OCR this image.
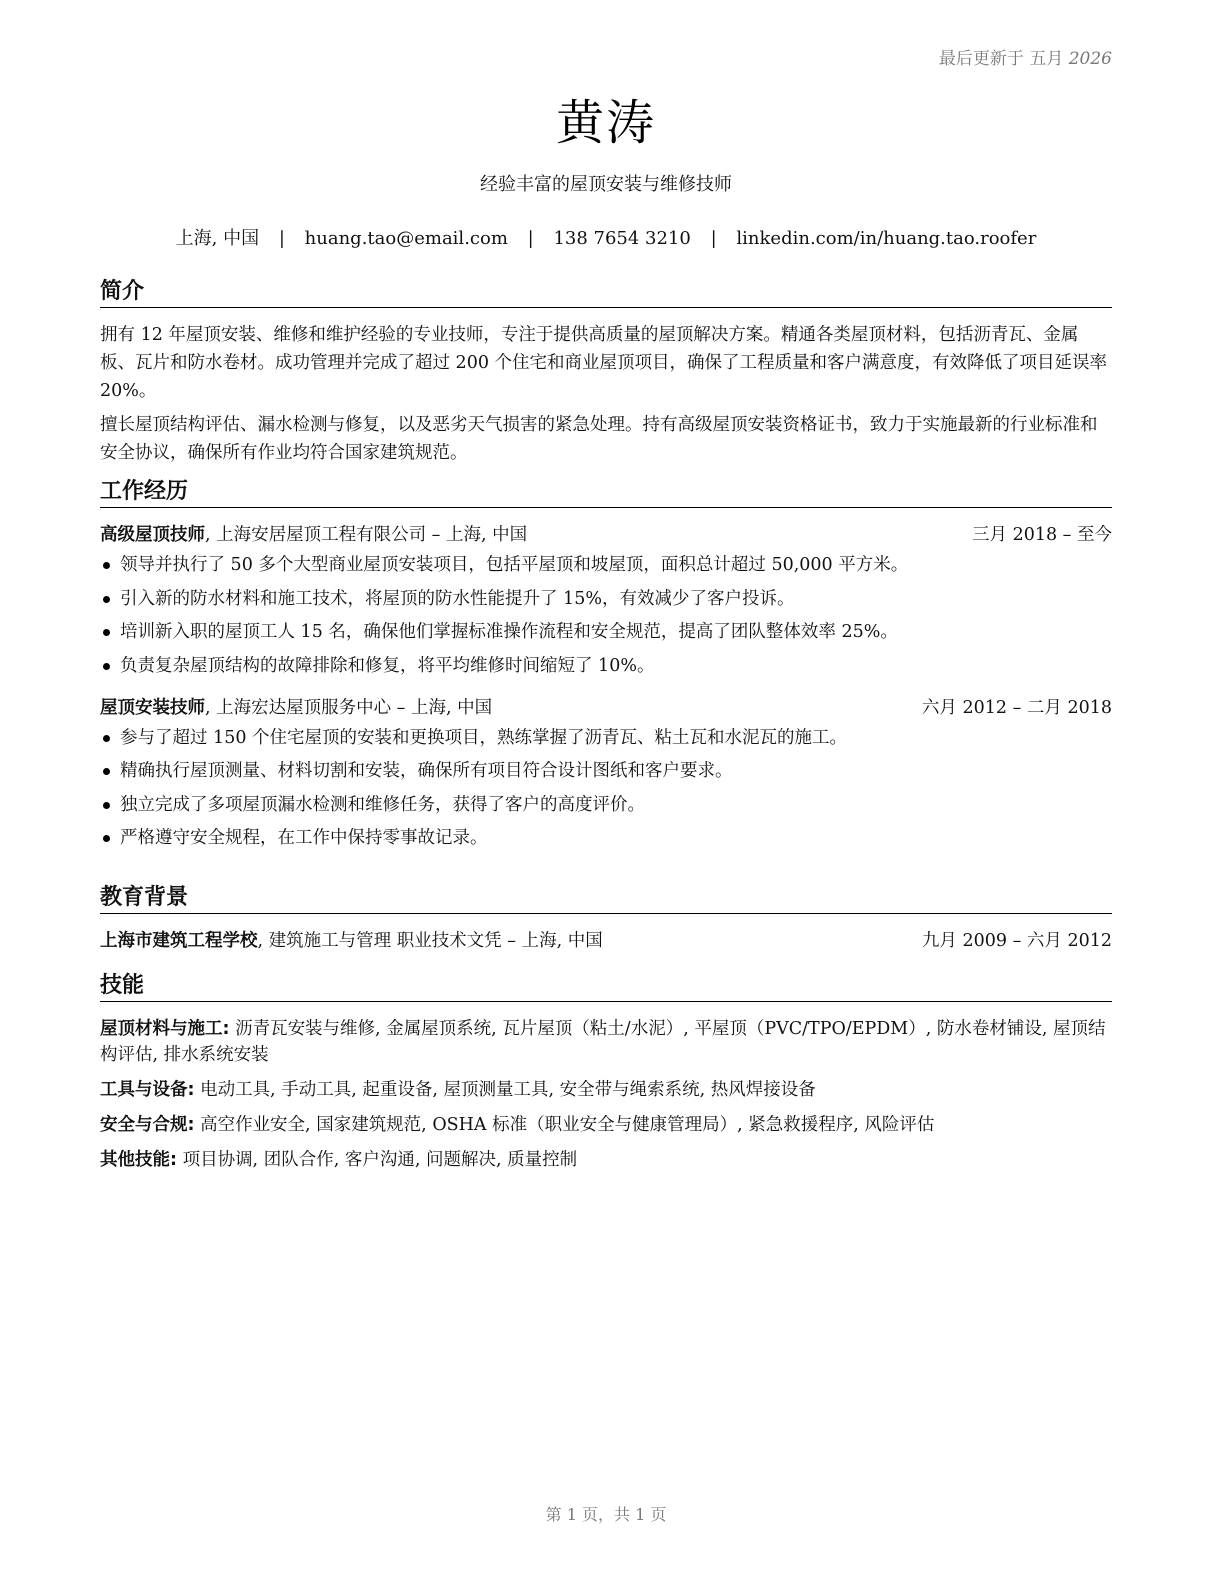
最后更新于 五月 2026
黄涛
经验丰富的屋顶安装与维修技师
上海, 中国 | huang.tao@email.com | 138 7654 3210 | linkedin.com/in/huang.tao.roofer
简介
拥有 12 年屋顶安装、维修和维护经验的专业技师，专注于提供高质量的屋顶解决方案。精通各类屋顶材料，包括沥青瓦、金属板、瓦片和防水卷材。成功管理并完成了超过 200 个住宅和商业屋顶项目，确保了工程质量和客户满意度，有效降低了项目延误率 20%。
擅长屋顶结构评估、漏水检测与修复，以及恶劣天气损害的紧急处理。持有高级屋顶安装资格证书，致力于实施最新的行业标准和安全协议，确保所有作业均符合国家建筑规范。
工作经历
高级屋顶技师, 上海安居屋顶工程有限公司 – 上海, 中国	三月 2018 – 至今
领导并执行了 50 多个大型商业屋顶安装项目，包括平屋顶和坡屋顶，面积总计超过 50,000 平方米。
引入新的防水材料和施工技术，将屋顶的防水性能提升了 15%，有效减少了客户投诉。
培训新入职的屋顶工人 15 名，确保他们掌握标准操作流程和安全规范，提高了团队整体效率 25%。
负责复杂屋顶结构的故障排除和修复，将平均维修时间缩短了 10%。
屋顶安装技师, 上海宏达屋顶服务中心 – 上海, 中国	六月 2012 – 二月 2018
参与了超过 150 个住宅屋顶的安装和更换项目，熟练掌握了沥青瓦、粘土瓦和水泥瓦的施工。
精确执行屋顶测量、材料切割和安装，确保所有项目符合设计图纸和客户要求。
独立完成了多项屋顶漏水检测和维修任务，获得了客户的高度评价。
严格遵守安全规程，在工作中保持零事故记录。
教育背景
上海市建筑工程学校, 建筑施工与管理 职业技术文凭 – 上海, 中国	九月 2009 – 六月 2012
技能
屋顶材料与施工: 沥青瓦安装与维修, 金属屋顶系统, 瓦片屋顶（粘土/水泥）, 平屋顶（PVC/TPO/EPDM）, 防水卷材铺设, 屋顶结构评估, 排水系统安装
工具与设备: 电动工具, 手动工具, 起重设备, 屋顶测量工具, 安全带与绳索系统, 热风焊接设备
安全与合规: 高空作业安全, 国家建筑规范, OSHA 标准（职业安全与健康管理局）, 紧急救援程序, 风险评估
其他技能: 项目协调, 团队合作, 客户沟通, 问题解决, 质量控制
第 1 页，共 1 页
